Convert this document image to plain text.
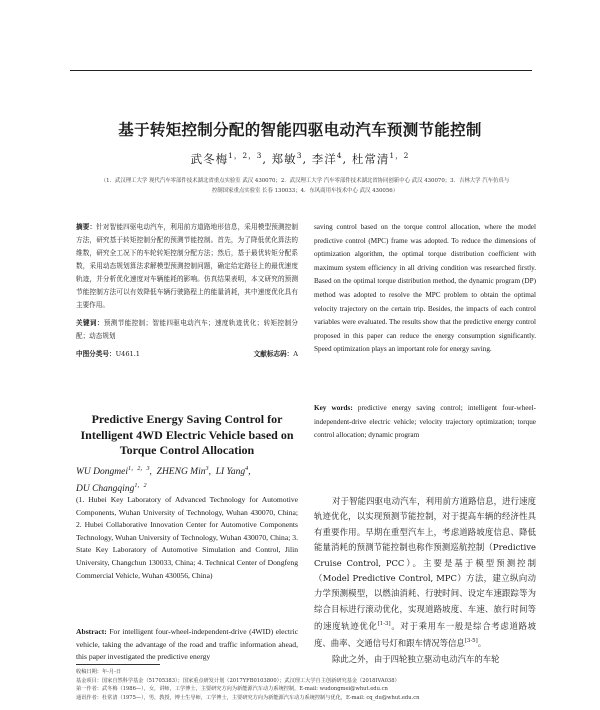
基于转矩控制分配的智能四驱电动汽车预测节能控制
武冬梅$^{1,2,3}$, 郑敏$^3$, 李洋$^4$, 杜常清$^{1,2}$
（1．武汉理工大学 现代汽车零部件技术湖北省重点实验室 武汉 430070；2．武汉理工大学 汽车零部件技术湖北省协同创新中心 武汉 430070；3．吉林大学 汽车仿真与控制国家重点实验室 长春 130033；4．东风商用车技术中心 武汉 430056）
摘要：针对智能四驱电动汽车，利用前方道路地形信息，采用模型预测控制方法，研究基于转矩控制分配的预测节能控制。首先，为了降低优化算法的维数，研究全工况下的车轮转矩控制分配方法；然后，基于最优转矩分配系数，采用动态规划算法求解模型预测控制问题，确定给定路径上的最优速度轨迹，并分析优化速度对车辆能耗的影响。仿真结果表明，本文研究的预测节能控制方法可以有效降低车辆行驶路程上的能量消耗，其中速度优化具有主要作用。
关键词：预测节能控制；智能四驱电动汽车；速度轨迹优化；转矩控制分配；动态规划
中图分类号：U461.1	文献标志码：A
Predictive Energy Saving Control for Intelligent 4WD Electric Vehicle based on Torque Control Allocation
WU Dongmei$^{1,2,3}$,  ZHENG Min$^3$,  LI Yang$^4$,
DU Changqing$^{1,2}$
(1. Hubei Key Laboratory of Advanced Technology for Automotive Components, Wuhan University of Technology, Wuhan 430070, China; 2. Hubei Collaborative Innovation Center for Automotive Components Technology, Wuhan University of Technology, Wuhan 430070, China; 3. State Key Laboratory of Automotive Simulation and Control, Jilin University, Changchun 130033, China; 4. Technical Center of Dongfeng Commercial Vehicle, Wuhan 430056, China)
Abstract: For intelligent four-wheel-independent-drive (4WID) electric vehicle, taking the advantage of the road and traffic information ahead, this paper investigated the predictive energy
saving control based on the torque control allocation, where the model predictive control (MPC) frame was adopted. To reduce the dimensions of optimization algorithm, the optimal torque distribution coefficient with maximum system efficiency in all driving condition was researched firstly. Based on the optimal torque distribution method, the dynamic program (DP) method was adopted to resolve the MPC problem to obtain the optimal velocity trajectory on the certain trip. Besides, the impacts of each control variables were evaluated. The results show that the predictive energy control proposed in this paper can reduce the energy consumption significantly. Speed optimization plays an important role for energy saving.
Key words: predictive energy saving control; intelligent four-wheel-independent-drive electric vehicle; velocity trajectory optimization; torque control allocation; dynamic program
对于智能四驱电动汽车，利用前方道路信息，进行速度轨迹优化，以实现预测节能控制，对于提高车辆的经济性具有重要作用。早期在重型汽车上，考虑道路坡度信息、降低能量消耗的预测节能控制也称作预测巡航控制（Predictive Cruise Control, PCC）。主要是基于模型预测控制（Model Predictive Control, MPC）方法，建立纵向动力学预测模型，以燃油消耗、行驶时间、设定车速跟踪等为综合目标进行滚动优化，实现道路坡度、车速、旅行时间等的速度轨迹优化[1-3]。对于乘用车一般是综合考虑道路坡度、曲率、交通信号灯和跟车情况等信息[3-5]。
除此之外，由于四轮独立驱动电动汽车的车轮
收稿日期：年-月-日
基金项目：国家自然科学基金（51705383）；国家重点研发计划（2017YFB0103800）；武汉理工大学自主创新研究基金（2018IVA038）
第一作者：武冬梅（1986—），女，讲师，工学博士，主要研究方向为新能源汽车动力系统控制，E-mail: wudongmei@whut.edu.cn
通讯作者：杜常清（1975—），男，教授，博士生导师，工学博士，主要研究方向为新能源汽车动力系统控制与优化，E-mail: cq_du@whut.edu.cn
